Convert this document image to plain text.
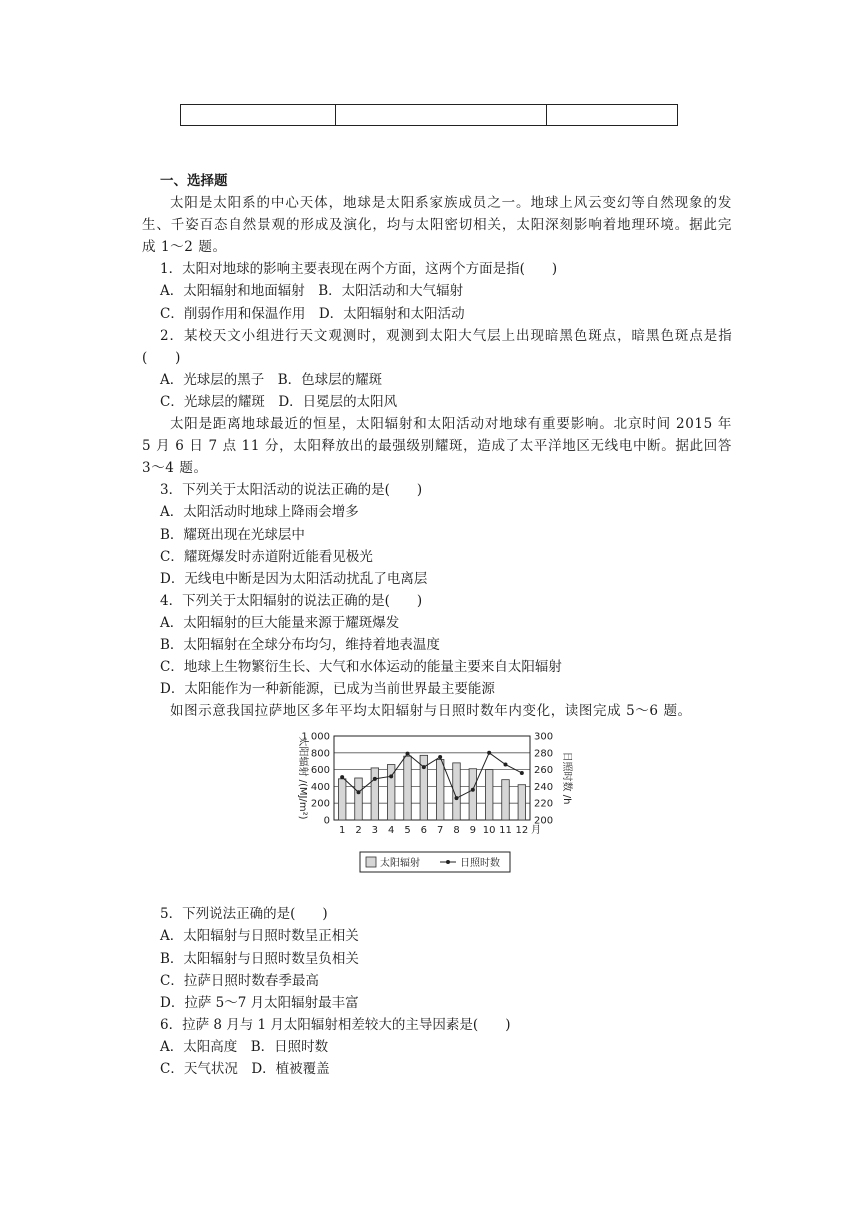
一、选择题

太阳是太阳系的中心天体，地球是太阳系家族成员之一。地球上风云变幻等自然现象的发生、千姿百态自然景观的形成及演化，均与太阳密切相关，太阳深刻影响着地理环境。据此完成 1～2 题。

1．太阳对地球的影响主要表现在两个方面，这两个方面是指(　　)

A．太阳辐射和地面辐射　B．太阳活动和大气辐射

C．削弱作用和保温作用　D．太阳辐射和太阳活动

2．某校天文小组进行天文观测时，观测到太阳大气层上出现暗黑色斑点，暗黑色斑点是指(　　)

A．光球层的黑子　B．色球层的耀斑

C．光球层的耀斑　D．日冕层的太阳风

太阳是距离地球最近的恒星，太阳辐射和太阳活动对地球有重要影响。北京时间 2015 年 5 月 6 日 7 点 11 分，太阳释放出的最强级别耀斑，造成了太平洋地区无线电中断。据此回答 3～4 题。

3．下列关于太阳活动的说法正确的是(　　)

A．太阳活动时地球上降雨会增多

B．耀斑出现在光球层中

C．耀斑爆发时赤道附近能看见极光

D．无线电中断是因为太阳活动扰乱了电离层

4．下列关于太阳辐射的说法正确的是(　　)

A．太阳辐射的巨大能量来源于耀斑爆发

B．太阳辐射在全球分布均匀，维持着地表温度

C．地球上生物繁衍生长、大气和水体运动的能量主要来自太阳辐射

D．太阳能作为一种新能源，已成为当前世界最主要能源

如图示意我国拉萨地区多年平均太阳辐射与日照时数年内变化，读图完成 5～6 题。

0
200
400
600
800
1 000
200
220
240
260
280
300
1 2 3 4 5 6 7 8 9 10 11 12 月
太阳辐射 /(MJ/m²)	日照时数 /h
太阳辐射	日照时数

5．下列说法正确的是(　　)

A．太阳辐射与日照时数呈正相关

B．太阳辐射与日照时数呈负相关

C．拉萨日照时数春季最高

D．拉萨 5～7 月太阳辐射最丰富

6．拉萨 8 月与 1 月太阳辐射相差较大的主导因素是(　　)

A．太阳高度　B．日照时数

C．天气状况　D．植被覆盖
